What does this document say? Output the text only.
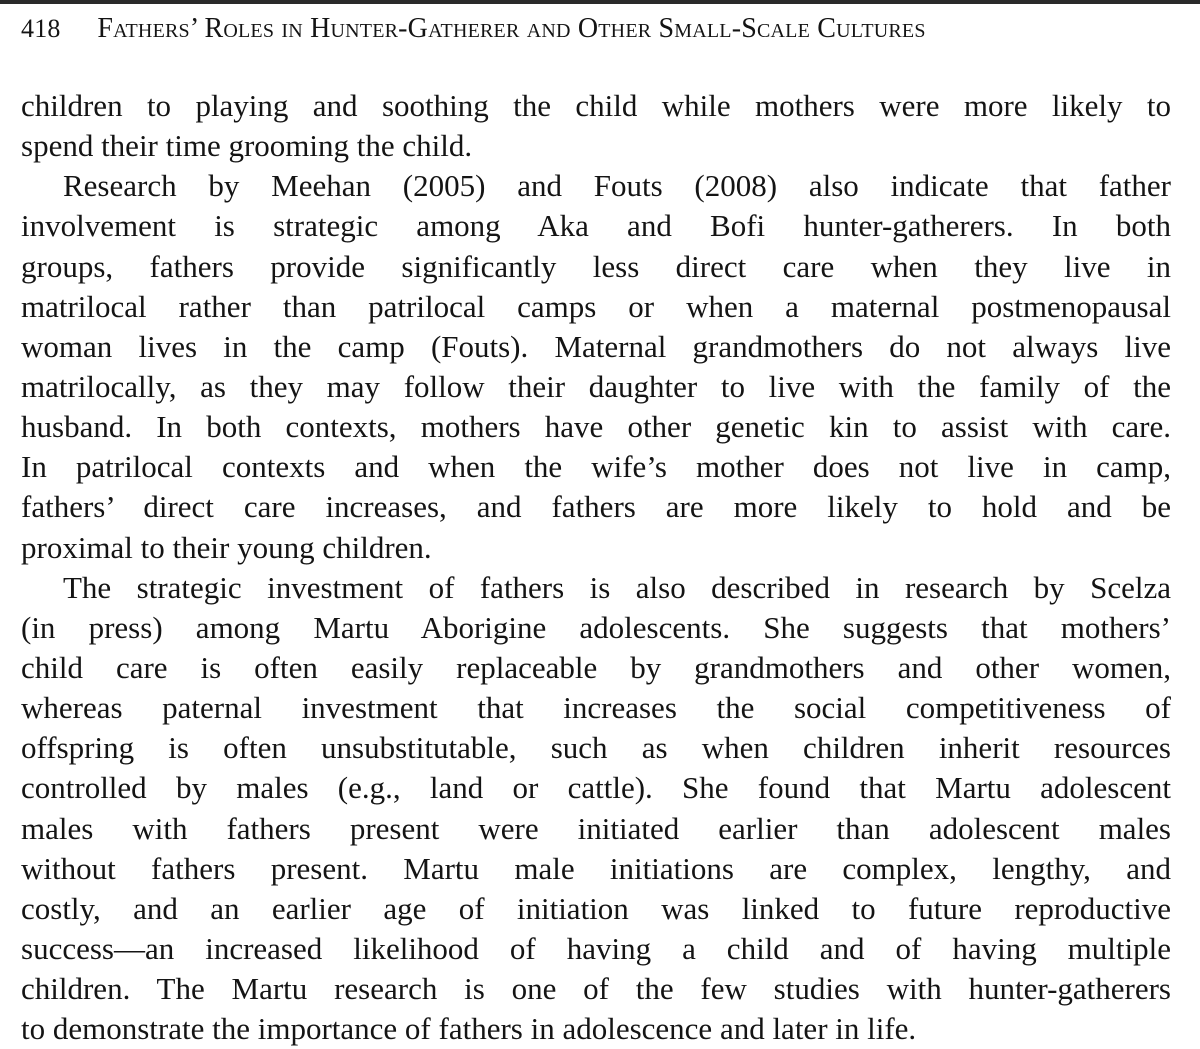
418 Fathers’ Roles in Hunter-Gatherer and Other Small-Scale Cultures
children to playing and soothing the child while mothers were more likely to
spend their time grooming the child.
Research by Meehan (2005) and Fouts (2008) also indicate that father
involvement is strategic among Aka and Bofi hunter-gatherers. In both
groups, fathers provide significantly less direct care when they live in
matrilocal rather than patrilocal camps or when a maternal postmenopausal
woman lives in the camp (Fouts). Maternal grandmothers do not always live
matrilocally, as they may follow their daughter to live with the family of the
husband. In both contexts, mothers have other genetic kin to assist with care.
In patrilocal contexts and when the wife’s mother does not live in camp,
fathers’ direct care increases, and fathers are more likely to hold and be
proximal to their young children.
The strategic investment of fathers is also described in research by Scelza
(in press) among Martu Aborigine adolescents. She suggests that mothers’
child care is often easily replaceable by grandmothers and other women,
whereas paternal investment that increases the social competitiveness of
offspring is often unsubstitutable, such as when children inherit resources
controlled by males (e.g., land or cattle). She found that Martu adolescent
males with fathers present were initiated earlier than adolescent males
without fathers present. Martu male initiations are complex, lengthy, and
costly, and an earlier age of initiation was linked to future reproductive
success—an increased likelihood of having a child and of having multiple
children. The Martu research is one of the few studies with hunter-gatherers
to demonstrate the importance of fathers in adolescence and later in life.
